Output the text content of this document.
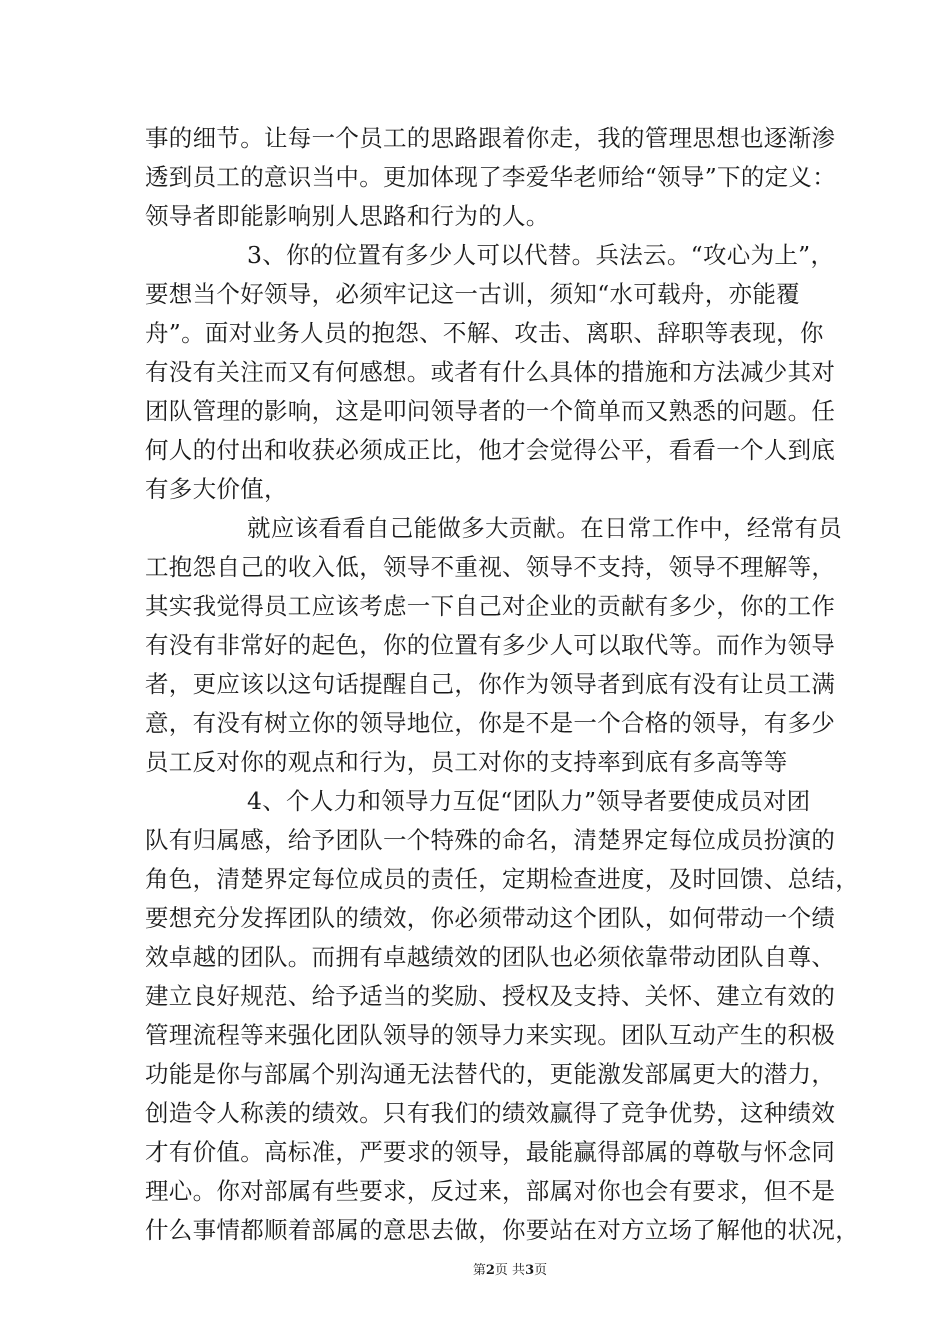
事的细节。让每一个员工的思路跟着你走，我的管理思想也逐渐渗
透到员工的意识当中。更加体现了李爱华老师给“领导”下的定义：
领导者即能影响别人思路和行为的人。
3、你的位置有多少人可以代替。兵法云。“攻心为上”，
要想当个好领导，必须牢记这一古训，须知“水可载舟，亦能覆
舟”。面对业务人员的抱怨、不解、攻击、离职、辞职等表现，你
有没有关注而又有何感想。或者有什么具体的措施和方法减少其对
团队管理的影响，这是叩问领导者的一个简单而又熟悉的问题。任
何人的付出和收获必须成正比，他才会觉得公平，看看一个人到底
有多大价值，
就应该看看自己能做多大贡献。在日常工作中，经常有员
工抱怨自己的收入低，领导不重视、领导不支持，领导不理解等，
其实我觉得员工应该考虑一下自己对企业的贡献有多少，你的工作
有没有非常好的起色，你的位置有多少人可以取代等。而作为领导
者，更应该以这句话提醒自己，你作为领导者到底有没有让员工满
意，有没有树立你的领导地位，你是不是一个合格的领导，有多少
员工反对你的观点和行为，员工对你的支持率到底有多高等等
4、个人力和领导力互促“团队力”领导者要使成员对团
队有归属感，给予团队一个特殊的命名，清楚界定每位成员扮演的
角色，清楚界定每位成员的责任，定期检查进度，及时回馈、总结，
要想充分发挥团队的绩效，你必须带动这个团队，如何带动一个绩
效卓越的团队。而拥有卓越绩效的团队也必须依靠带动团队自尊、
建立良好规范、给予适当的奖励、授权及支持、关怀、建立有效的
管理流程等来强化团队领导的领导力来实现。团队互动产生的积极
功能是你与部属个别沟通无法替代的，更能激发部属更大的潜力，
创造令人称羡的绩效。只有我们的绩效赢得了竞争优势，这种绩效
才有价值。高标准，严要求的领导，最能赢得部属的尊敬与怀念同
理心。你对部属有些要求，反过来，部属对你也会有要求，但不是
什么事情都顺着部属的意思去做，你要站在对方立场了解他的状况，
第2页 共3页
